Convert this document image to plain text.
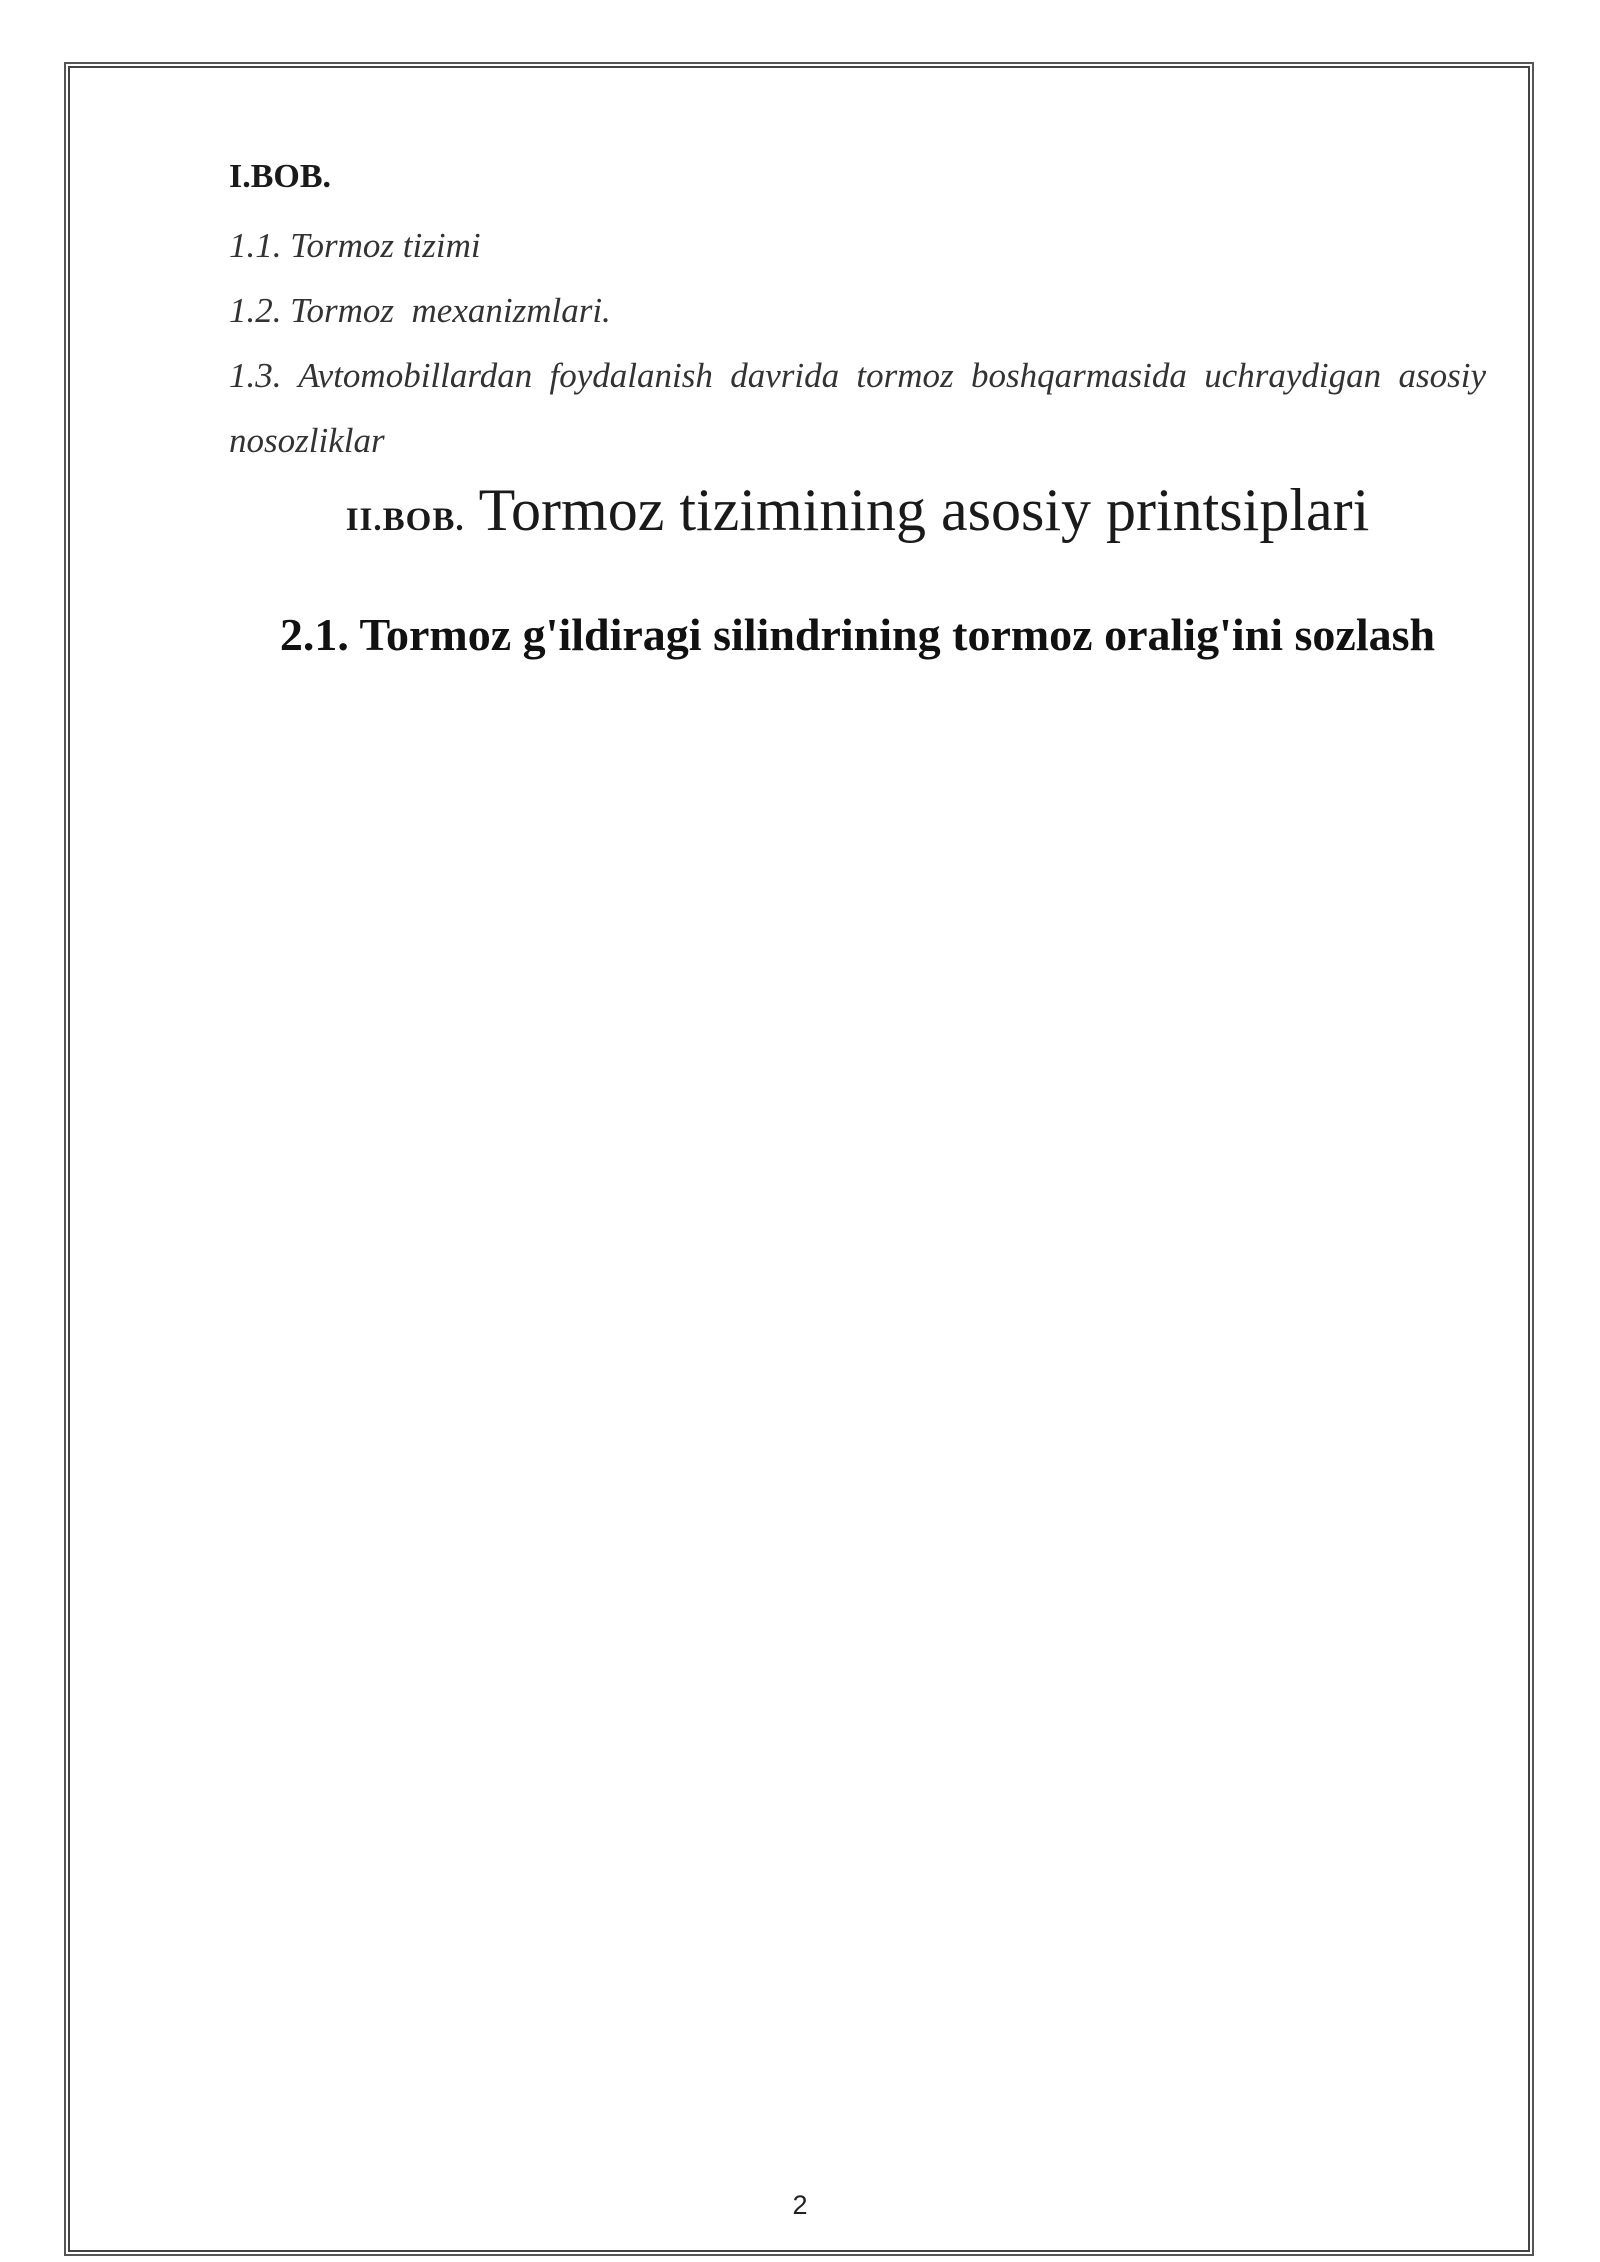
I.BOB.

1.1. Tormoz tizimi

1.2. Tormoz  mexanizmlari.

1.3. Avtomobillardan foydalanish davrida tormoz boshqarmasida uchraydigan asosiy nosozliklar

II.BOB. Tormoz tizimining asosiy printsiplari
2.1. Tormoz g'ildiragi silindrining tormoz oralig'ini sozlash
2
